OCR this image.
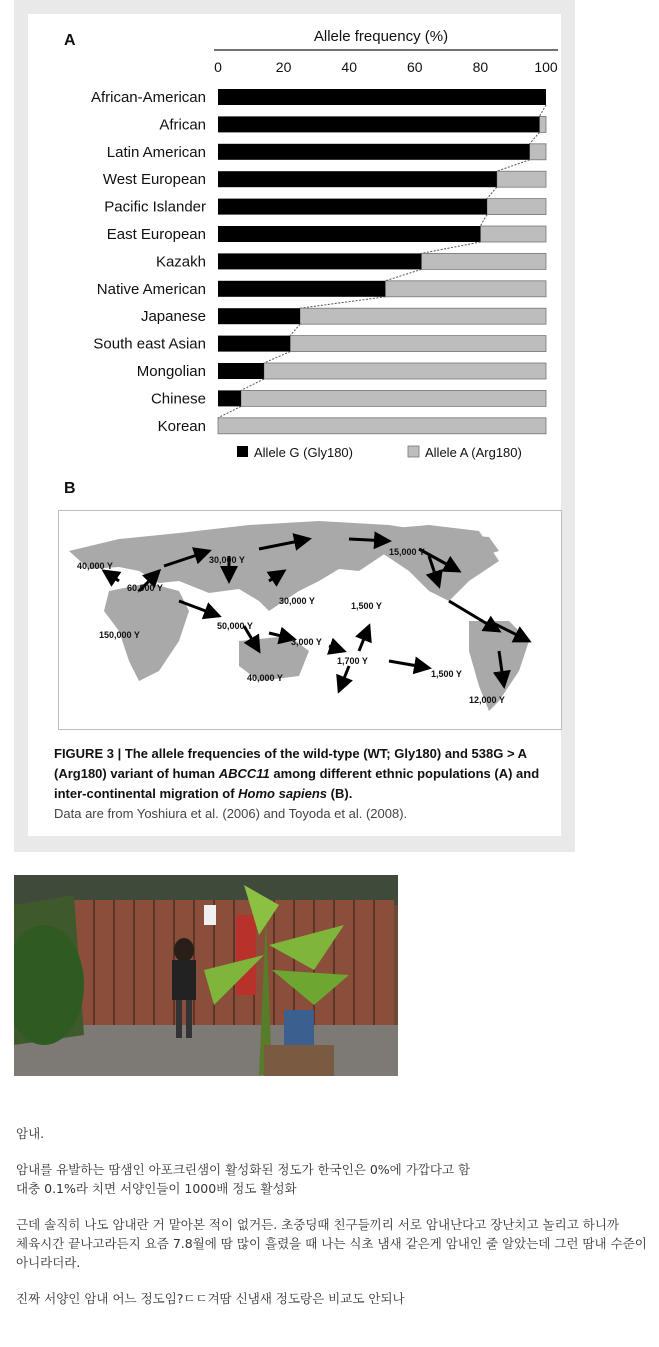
Allele frequency (%)
0	20	40	60	80	100
African-American
African
Latin American
West European
Pacific Islander
East European
Kazakh
Native American
Japanese
South east Asian
Mongolian
Chinese
Korean
Allele G (Gly180)	Allele A (Arg180)
A
B
40,000 Y
60,000 Y
30,000 Y
15,000 Y
150,000 Y
50,000 Y
30,000 Y	1,500 Y
3,000 Y
1,700 Y
1,500 Y
40,000 Y
12,000 Y
FIGURE 3 | The allele frequencies of the wild-type (WT; Gly180) and 538G > A (Arg180) variant of human ABCC11 among different ethnic populations (A) and inter-continental migration of Homo sapiens (B).
Data are from Yoshiura et al. (2006) and Toyoda et al. (2008).

암내.

암내를 유발하는 땀샘인 아포크린샘이 활성화된 정도가 한국인은 0%에 가깝다고 함

대충 0.1%라 치면 서양인들이 1000배 정도 활성화

근데 솔직히 나도 암내란 거 맡아본 적이 없거든. 초중딩때 친구들끼리 서로 암내난다고 장난치고 놀리고 하니까

체육시간 끝나고라든지 요즘 7.8월에 땀 많이 흘렸을 때 나는 식초 냄새 같은게 암내인 줄 알았는데 그런 땀내 수준이 아니라더라.

진짜 서양인 암내 어느 정도임?ㄷㄷ겨땀 신냄새 정도랑은 비교도 안되나
